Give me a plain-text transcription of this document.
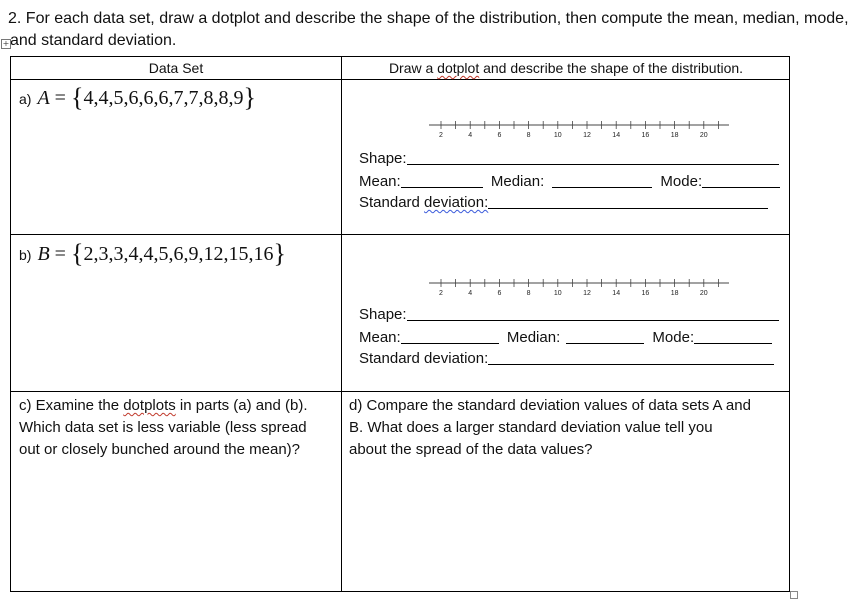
2. For each data set, draw a dotplot and describe the shape of the distribution, then compute the mean, median, mode,
and standard deviation.
+
Data Set	Draw a dotplot and describe the shape of the distribution.
a) A = {4,4,5,6,6,6,7,7,8,8,9}
2	4	6	8	10	12	14	16	18	20
Shape:
Mean:	Median:	Mode:
Standard deviation:
b) B = {2,3,3,4,4,5,6,9,12,15,16}
2	4	6	8	10	12	14	16	18	20
Shape:
Mean:	Median:	Mode:
Standard deviation:
c) Examine the dotplots in parts (a) and (b).
Which data set is less variable (less spread
out or closely bunched around the mean)?
d) Compare the standard deviation values of data sets A and
B. What does a larger standard deviation value tell you
about the spread of the data values?
